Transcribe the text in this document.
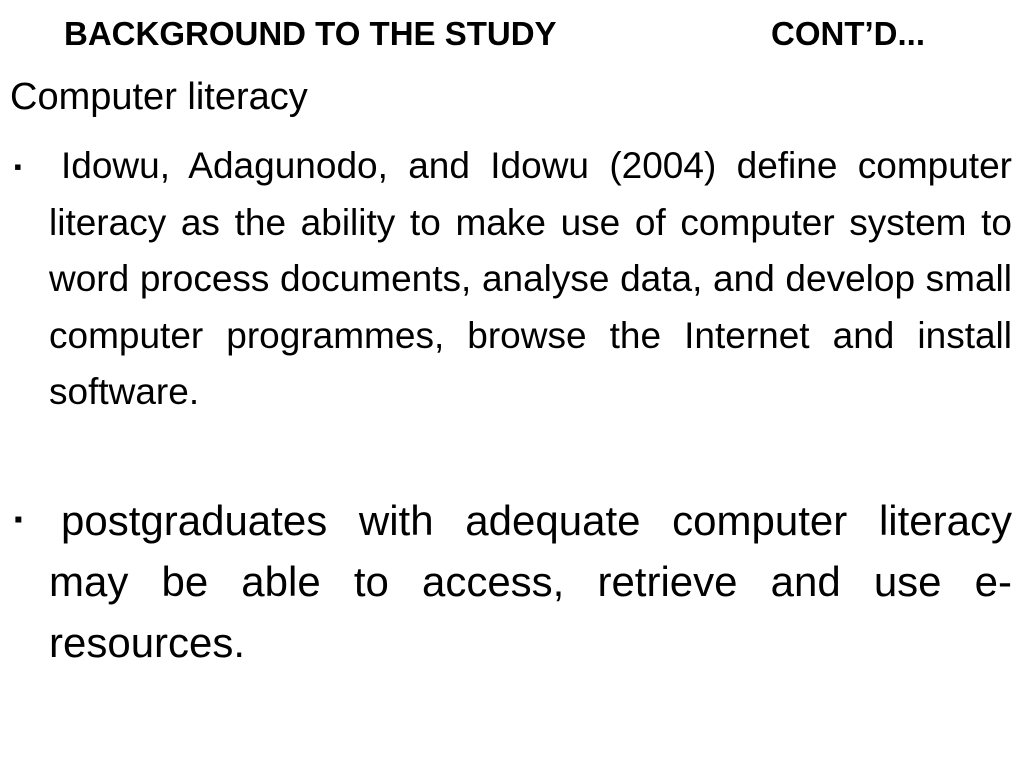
BACKGROUND TO THE STUDY	CONT’D...
Computer literacy
▪	Idowu, Adagunodo, and Idowu (2004) define computer literacy as the ability to make use of computer system to word process documents, analyse data, and develop small computer programmes, browse the Internet and install software.
▪ postgraduates with adequate computer literacy may be able to access, retrieve and use e-resources.
